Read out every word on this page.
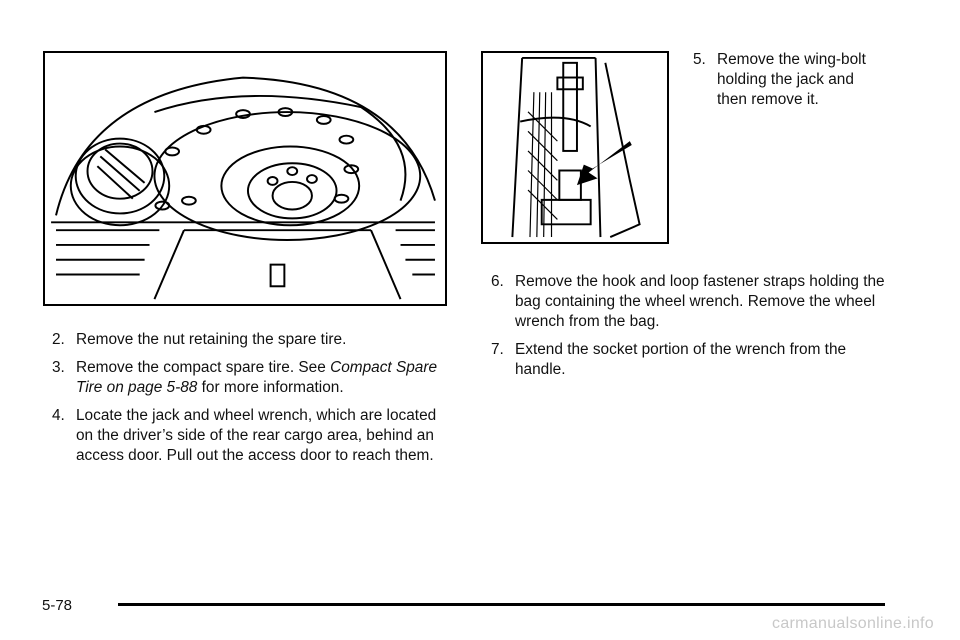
2. Remove the nut retaining the spare tire.
3. Remove the compact spare tire. See Compact Spare Tire on page 5-88 for more information.
4. Locate the jack and wheel wrench, which are located on the driver’s side of the rear cargo area, behind an access door. Pull out the access door to reach them.
5. Remove the wing-bolt holding the jack and then remove it.
6. Remove the hook and loop fastener straps holding the bag containing the wheel wrench. Remove the wheel wrench from the bag.
7. Extend the socket portion of the wrench from the handle.
5-78
carmanualsonline.info
